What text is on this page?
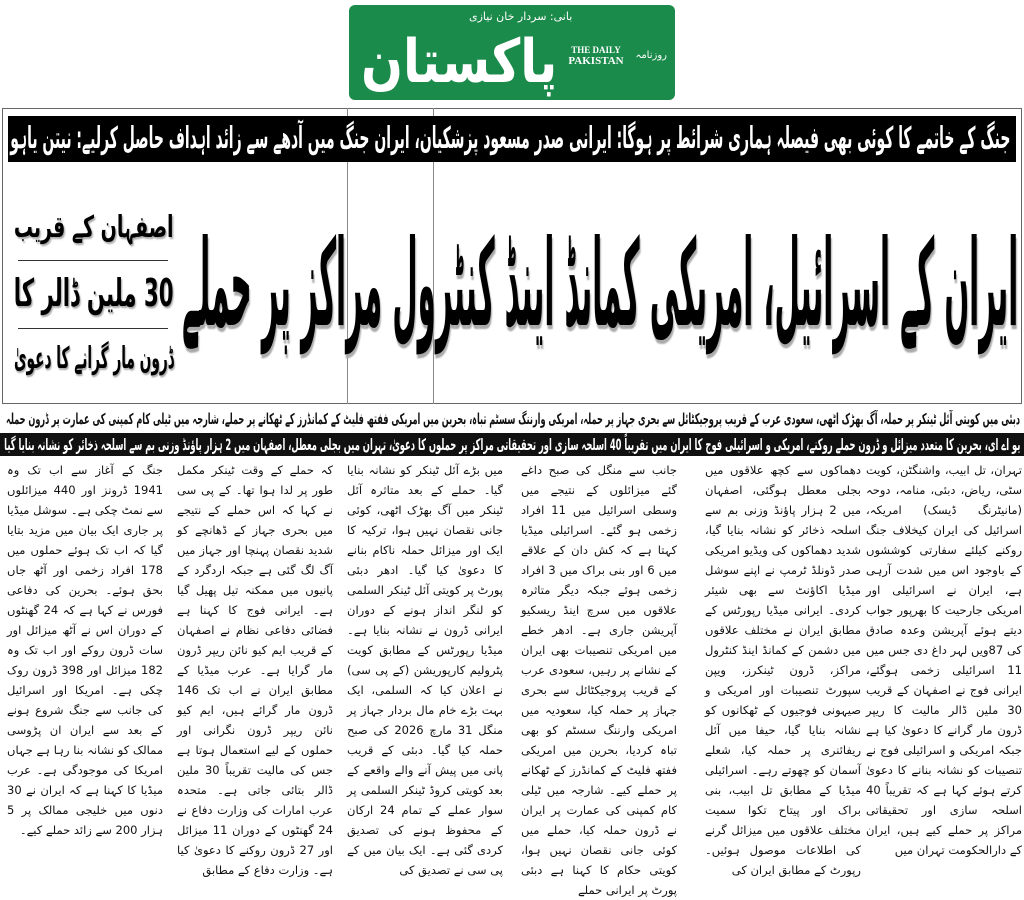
بانی: سردار خان نیازی
روزنامہ
THE DAILY
PAKISTAN
پاکستان
جنگ کے خاتمے کا کوئی بھی فیصلہ ہماری شرائط پر ہوگا: ایرانی صدر مسعود پزشکیان، ایران جنگ میں آدھے سے زائد اہداف حاصل کرلیے: نیتن یاہو
ایران کے اسرائیل، امریکی کمانڈ اینڈ کنٹرول مراکز پر حملے
اصفہان کے قریب
30 ملین ڈالر کا
ڈرون مار گرانے کا دعویٰ
دبئی میں کویتی آئل ٹینکر پر حملہ، آگ بھڑک اٹھی، سعودی عرب کے قریب پروجیکٹائل سے بحری جہاز پر حملہ، امریکی وارننگ سسٹم تباہ، بحرین میں امریکی ففتھ فلیٹ کے کمانڈرز کے ٹھکانے پر حملے، شارجہ میں ٹیلی کام کمپنی کی عمارت پر ڈرون حملہ
یو اے ای، بحرین کا متعدد میزائل و ڈرون حملے روکنے، امریکی و اسرائیلی فوج کا ایران میں تقریباً 40 اسلحہ سازی اور تحقیقاتی مراکز پر حملوں کا دعویٰ، تہران میں بجلی معطل، اصفہان میں 2 ہزار پاؤنڈ وزنی بم سے اسلحہ ذخائر کو نشانہ بنایا گیا
تہران، تل ابیب، واشنگٹن، کویت سٹی، ریاض، دبئی، منامہ، دوحہ (مانیٹرنگ ڈیسک) امریکہ، اسرائیل کی ایران کیخلاف جنگ روکنے کیلئے سفارتی کوششوں کے باوجود اس میں شدت آرہی ہے، ایران نے اسرائیلی اور امریکی جارحیت کا بھرپور جواب دیتے ہوئے آپریشن وعدہ صادق کی 87ویں لہر داغ دی جس میں 11 اسرائیلی زخمی ہوگئے، ایرانی فوج نے اصفہان کے قریب 30 ملین ڈالر مالیت کا ریپر ڈرون مار گرانے کا دعویٰ کیا ہے جبکہ امریکی و اسرائیلی فوج نے تنصیبات کو نشانہ بنانے کا دعویٰ کرتے ہوئے کہا ہے کہ تقریباً 40 اسلحہ سازی اور تحقیقاتی مراکز پر حملے کیے ہیں، ایران کے دارالحکومت تہران میں
دھماکوں سے کچھ علاقوں میں بجلی معطل ہوگئی، اصفہان میں 2 ہزار پاؤنڈ وزنی بم سے اسلحہ ذخائر کو نشانہ بنایا گیا، شدید دھماکوں کی ویڈیو امریکی صدر ڈونلڈ ٹرمپ نے اپنے سوشل میڈیا اکاؤنٹ سے بھی شیئر کردی۔ ایرانی میڈیا رپورٹس کے مطابق ایران نے مختلف علاقوں میں دشمن کے کمانڈ اینڈ کنٹرول مراکز، ڈرون ٹینکرز، ویپن سپورٹ تنصیبات اور امریکی و صیہونی فوجیوں کے ٹھکانوں کو نشانہ بنایا گیا، حیفا میں آئل ریفائنری پر حملہ کیا، شعلے آسمان کو چھوتے رہے۔ اسرائیلی میڈیا کے مطابق تل ابیب، بنی براک اور پیتاح تکوا سمیت مختلف علاقوں میں میزائل گرنے کی اطلاعات موصول ہوئیں۔ رپورٹ کے مطابق ایران کی
جانب سے منگل کی صبح داغے گئے میزائلوں کے نتیجے میں وسطی اسرائیل میں 11 افراد زخمی ہو گئے۔ اسرائیلی میڈیا کہتا ہے کہ کش دان کے علاقے میں 6 اور بنی براک میں 3 افراد زخمی ہوئے جبکہ دیگر متاثرہ علاقوں میں سرچ اینڈ ریسکیو آپریشن جاری ہے۔ ادھر خطے میں امریکی تنصیبات بھی ایران کے نشانے پر رہیں، سعودی عرب کے قریب پروجیکٹائل سے بحری جہاز پر حملہ کیا، سعودیہ میں امریکی وارننگ سسٹم کو بھی تباہ کردیا، بحرین میں امریکی ففتھ فلیٹ کے کمانڈرز کے ٹھکانے پر حملے کیے۔ شارجہ میں ٹیلی کام کمپنی کی عمارت پر ایران نے ڈرون حملہ کیا، حملے میں کوئی جانی نقصان نہیں ہوا، کویتی حکام کا کہنا ہے دبئی پورٹ پر ایرانی حملے
میں بڑے آئل ٹینکر کو نشانہ بنایا گیا۔ حملے کے بعد متاثرہ آئل ٹینکر میں آگ بھڑک اٹھی، کوئی جانی نقصان نہیں ہوا، ترکیہ کا ایک اور میزائل حملہ ناکام بنانے کا دعویٰ کیا گیا۔ ادھر دبئی پورٹ پر کویتی آئل ٹینکر السلمی کو لنگر انداز ہونے کے دوران ایرانی ڈرون نے نشانہ بنایا ہے۔ میڈیا رپورٹس کے مطابق کویت پٹرولیم کارپوریشن (کے پی سی) نے اعلان کیا کہ السلمی، ایک بہت بڑے خام مال بردار جہاز پر منگل 31 مارچ 2026 کی صبح حملہ کیا گیا۔ دبئی کے قریب پانی میں پیش آنے والے واقعے کے بعد کویتی کروڈ ٹینکر السلمی پر سوار عملے کے تمام 24 ارکان کے محفوظ ہونے کی تصدیق کردی گئی ہے۔ ایک بیان میں کے پی سی نے تصدیق کی
کہ حملے کے وقت ٹینکر مکمل طور پر لدا ہوا تھا۔ کے پی سی نے کہا کہ اس حملے کے نتیجے میں بحری جہاز کے ڈھانچے کو شدید نقصان پہنچا اور جہاز میں آگ لگ گئی ہے جبکہ اردگرد کے پانیوں میں ممکنہ تیل پھیل گیا ہے۔ ایرانی فوج کا کہنا ہے فضائی دفاعی نظام نے اصفہان کے قریب ایم کیو نائن ریپر ڈرون مار گرایا ہے۔ عرب میڈیا کے مطابق ایران نے اب تک 146 ڈرون مار گرائے ہیں، ایم کیو نائن ریپر ڈرون نگرانی اور حملوں کے لیے استعمال ہوتا ہے جس کی مالیت تقریباً 30 ملین ڈالر بتائی جاتی ہے۔ متحدہ عرب امارات کی وزارت دفاع نے 24 گھنٹوں کے دوران 11 میزائل اور 27 ڈرون روکنے کا دعویٰ کیا ہے۔ وزارت دفاع کے مطابق
جنگ کے آغاز سے اب تک وہ 1941 ڈرونز اور 440 میزائلوں سے نمٹ چکی ہے۔ سوشل میڈیا پر جاری ایک بیان میں مزید بتایا گیا کہ اب تک ہوئے حملوں میں 178 افراد زخمی اور آٹھ جاں بحق ہوئے۔ بحرین کی دفاعی فورس نے کہا ہے کہ 24 گھنٹوں کے دوران اس نے آٹھ میزائل اور سات ڈرون روکے اور اب تک وہ 182 میزائل اور 398 ڈرون روک چکی ہے۔ امریکا اور اسرائیل کی جانب سے جنگ شروع ہونے کے بعد سے ایران ان پڑوسی ممالک کو نشانہ بنا رہا ہے جہاں امریکا کی موجودگی ہے۔ عرب میڈیا کا کہنا ہے کہ ایران نے 30 دنوں میں خلیجی ممالک پر 5 ہزار 200 سے زائد حملے کیے۔
